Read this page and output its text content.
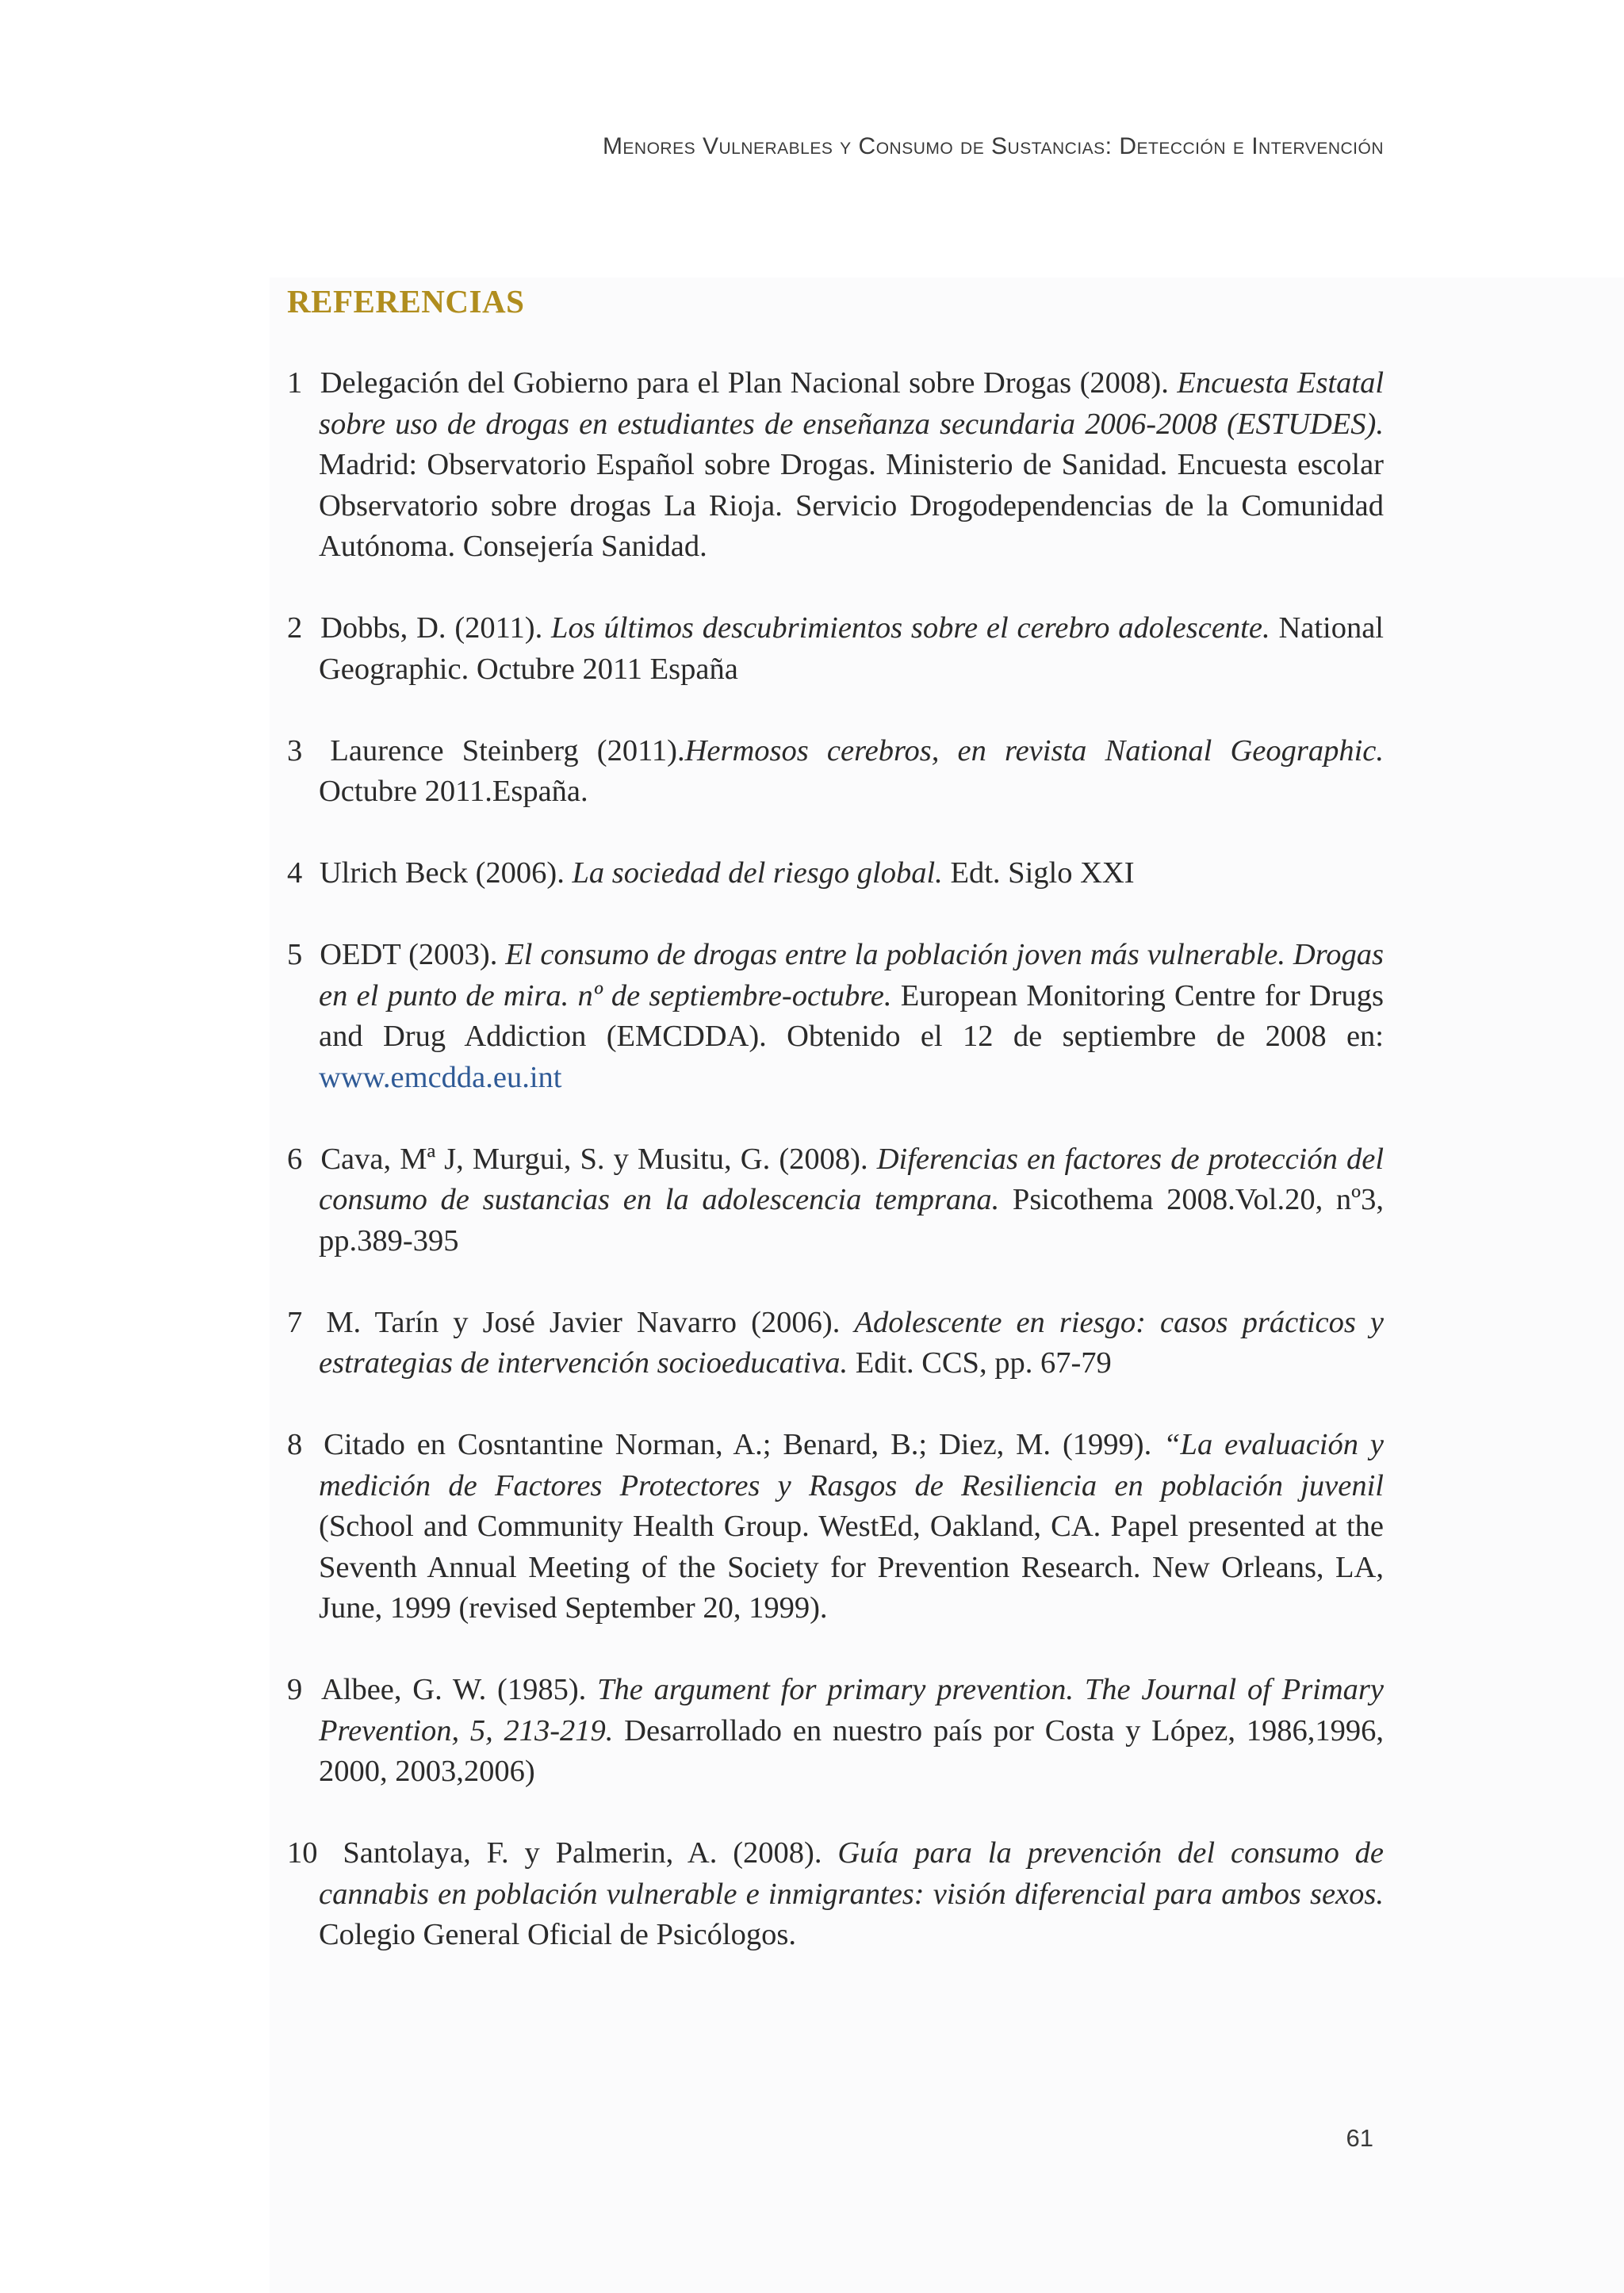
Menores Vulnerables y Consumo de Sustancias: Detección e Intervención
REFERENCIAS
1 Delegación del Gobierno para el Plan Nacional sobre Drogas (2008). Encuesta Estatal sobre uso de drogas en estudiantes de enseñanza secundaria 2006-2008 (ESTUDES). Madrid: Observatorio Español sobre Drogas. Ministerio de Sanidad. Encuesta escolar Observatorio sobre drogas La Rioja. Servicio Drogodependencias de la Comunidad Autónoma. Consejería Sanidad.
2 Dobbs, D. (2011). Los últimos descubrimientos sobre el cerebro adolescente. National Geographic. Octubre 2011 España
3 Laurence Steinberg (2011).Hermosos cerebros, en revista National Geographic. Octubre 2011.España.
4 Ulrich Beck (2006). La sociedad del riesgo global. Edt. Siglo XXI
5 OEDT (2003). El consumo de drogas entre la población joven más vulnerable. Drogas en el punto de mira. nº de septiembre-octubre. European Monitoring Centre for Drugs and Drug Addiction (EMCDDA). Obtenido el 12 de septiembre de 2008 en: www.emcdda.eu.int
6 Cava, Mª J, Murgui, S. y Musitu, G. (2008). Diferencias en factores de protección del consumo de sustancias en la adolescencia temprana. Psicothema 2008.Vol.20, nº3, pp.389-395
7 M. Tarín y José Javier Navarro (2006). Adolescente en riesgo: casos prácticos y estrategias de intervención socioeducativa. Edit. CCS, pp. 67-79
8 Citado en Cosntantine Norman, A.; Benard, B.; Diez, M. (1999). “La evaluación y medición de Factores Protectores y Rasgos de Resiliencia en población juvenil (School and Community Health Group. WestEd, Oakland, CA. Papel presented at the Seventh Annual Meeting of the Society for Prevention Research. New Orleans, LA, June, 1999 (revised September 20, 1999).
9 Albee, G. W. (1985). The argument for primary prevention. The Journal of Primary Prevention, 5, 213-219. Desarrollado en nuestro país por Costa y López, 1986,1996, 2000, 2003,2006)
10 Santolaya, F. y Palmerin, A. (2008). Guía para la prevención del consumo de cannabis en población vulnerable e inmigrantes: visión diferencial para ambos sexos. Colegio General Oficial de Psicólogos.
61
